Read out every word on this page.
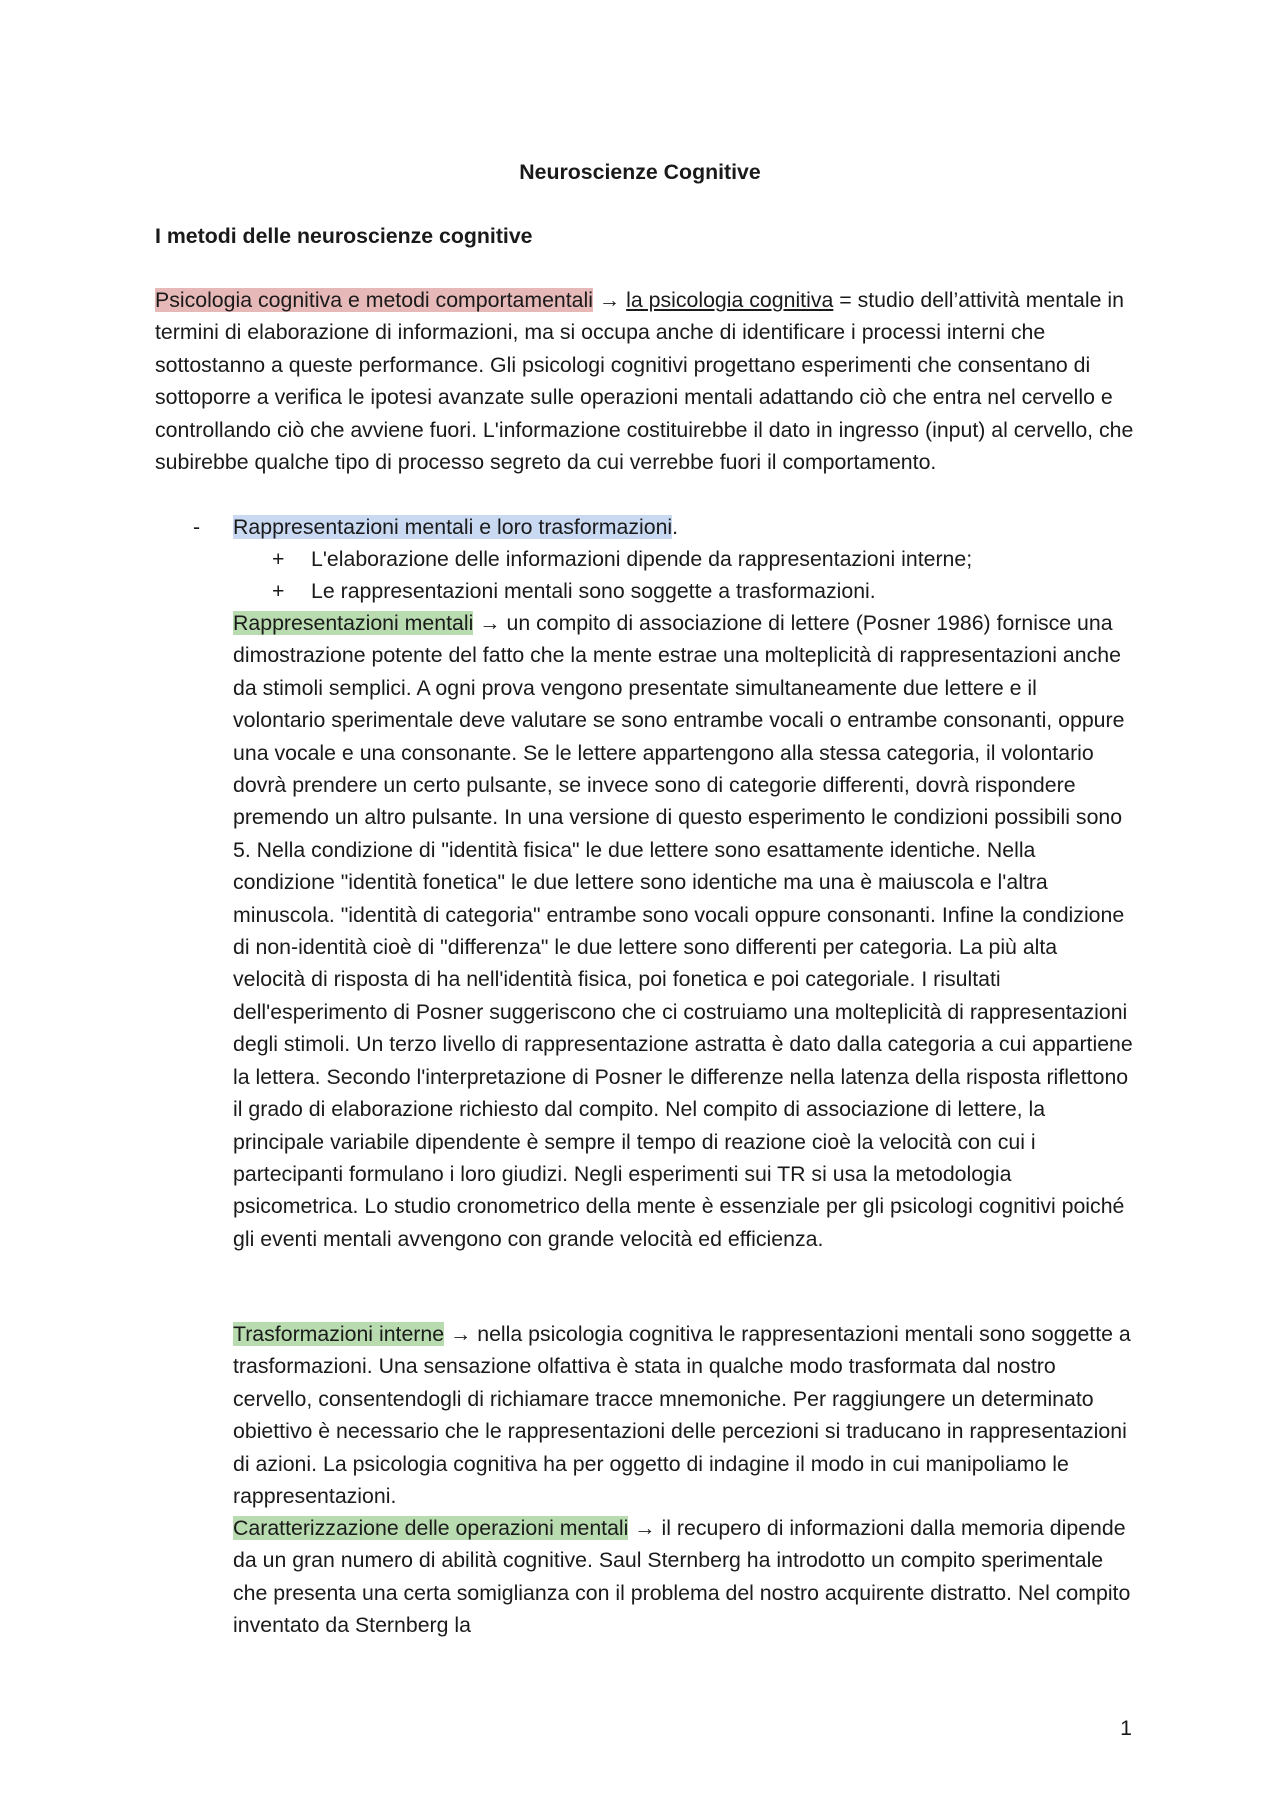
Neuroscienze Cognitive
I metodi delle neuroscienze cognitive

Psicologia cognitiva e metodi comportamentali → la psicologia cognitiva = studio dell’attività mentale in termini di elaborazione di informazioni, ma si occupa anche di identificare i processi interni che sottostanno a queste performance. Gli psicologi cognitivi progettano esperimenti che consentano di sottoporre a verifica le ipotesi avanzate sulle operazioni mentali adattando ciò che entra nel cervello e controllando ciò che avviene fuori. L'informazione costituirebbe il dato in ingresso (input) al cervello, che subirebbe qualche tipo di processo segreto da cui verrebbe fuori il comportamento.

- Rappresentazioni mentali e loro trasformazioni.
+ L'elaborazione delle informazioni dipende da rappresentazioni interne;
+ Le rappresentazioni mentali sono soggette a trasformazioni.

Rappresentazioni mentali → un compito di associazione di lettere (Posner 1986) fornisce una dimostrazione potente del fatto che la mente estrae una molteplicità di rappresentazioni anche da stimoli semplici. A ogni prova vengono presentate simultaneamente due lettere e il volontario sperimentale deve valutare se sono entrambe vocali o entrambe consonanti, oppure una vocale e una consonante. Se le lettere appartengono alla stessa categoria, il volontario dovrà prendere un certo pulsante, se invece sono di categorie differenti, dovrà rispondere premendo un altro pulsante. In una versione di questo esperimento le condizioni possibili sono 5. Nella condizione di "identità fisica" le due lettere sono esattamente identiche. Nella condizione "identità fonetica" le due lettere sono identiche ma una è maiuscola e l'altra minuscola. "identità di categoria" entrambe sono vocali oppure consonanti. Infine la condizione di non-identità cioè di "differenza" le due lettere sono differenti per categoria. La più alta velocità di risposta di ha nell'identità fisica, poi fonetica e poi categoriale. I risultati dell'esperimento di Posner suggeriscono che ci costruiamo una molteplicità di rappresentazioni degli stimoli. Un terzo livello di rappresentazione astratta è dato dalla categoria a cui appartiene la lettera. Secondo l'interpretazione di Posner le differenze nella latenza della risposta riflettono il grado di elaborazione richiesto dal compito. Nel compito di associazione di lettere, la principale variabile dipendente è sempre il tempo di reazione cioè la velocità con cui i partecipanti formulano i loro giudizi. Negli esperimenti sui TR si usa la metodologia psicometrica. Lo studio cronometrico della mente è essenziale per gli psicologi cognitivi poiché gli eventi mentali avvengono con grande velocità ed efficienza.

Trasformazioni interne → nella psicologia cognitiva le rappresentazioni mentali sono soggette a trasformazioni. Una sensazione olfattiva è stata in qualche modo trasformata dal nostro cervello, consentendogli di richiamare tracce mnemoniche. Per raggiungere un determinato obiettivo è necessario che le rappresentazioni delle percezioni si traducano in rappresentazioni di azioni. La psicologia cognitiva ha per oggetto di indagine il modo in cui manipoliamo le rappresentazioni.

Caratterizzazione delle operazioni mentali → il recupero di informazioni dalla memoria dipende da un gran numero di abilità cognitive. Saul Sternberg ha introdotto un compito sperimentale che presenta una certa somiglianza con il problema del nostro acquirente distratto. Nel compito inventato da Sternberg la

1
